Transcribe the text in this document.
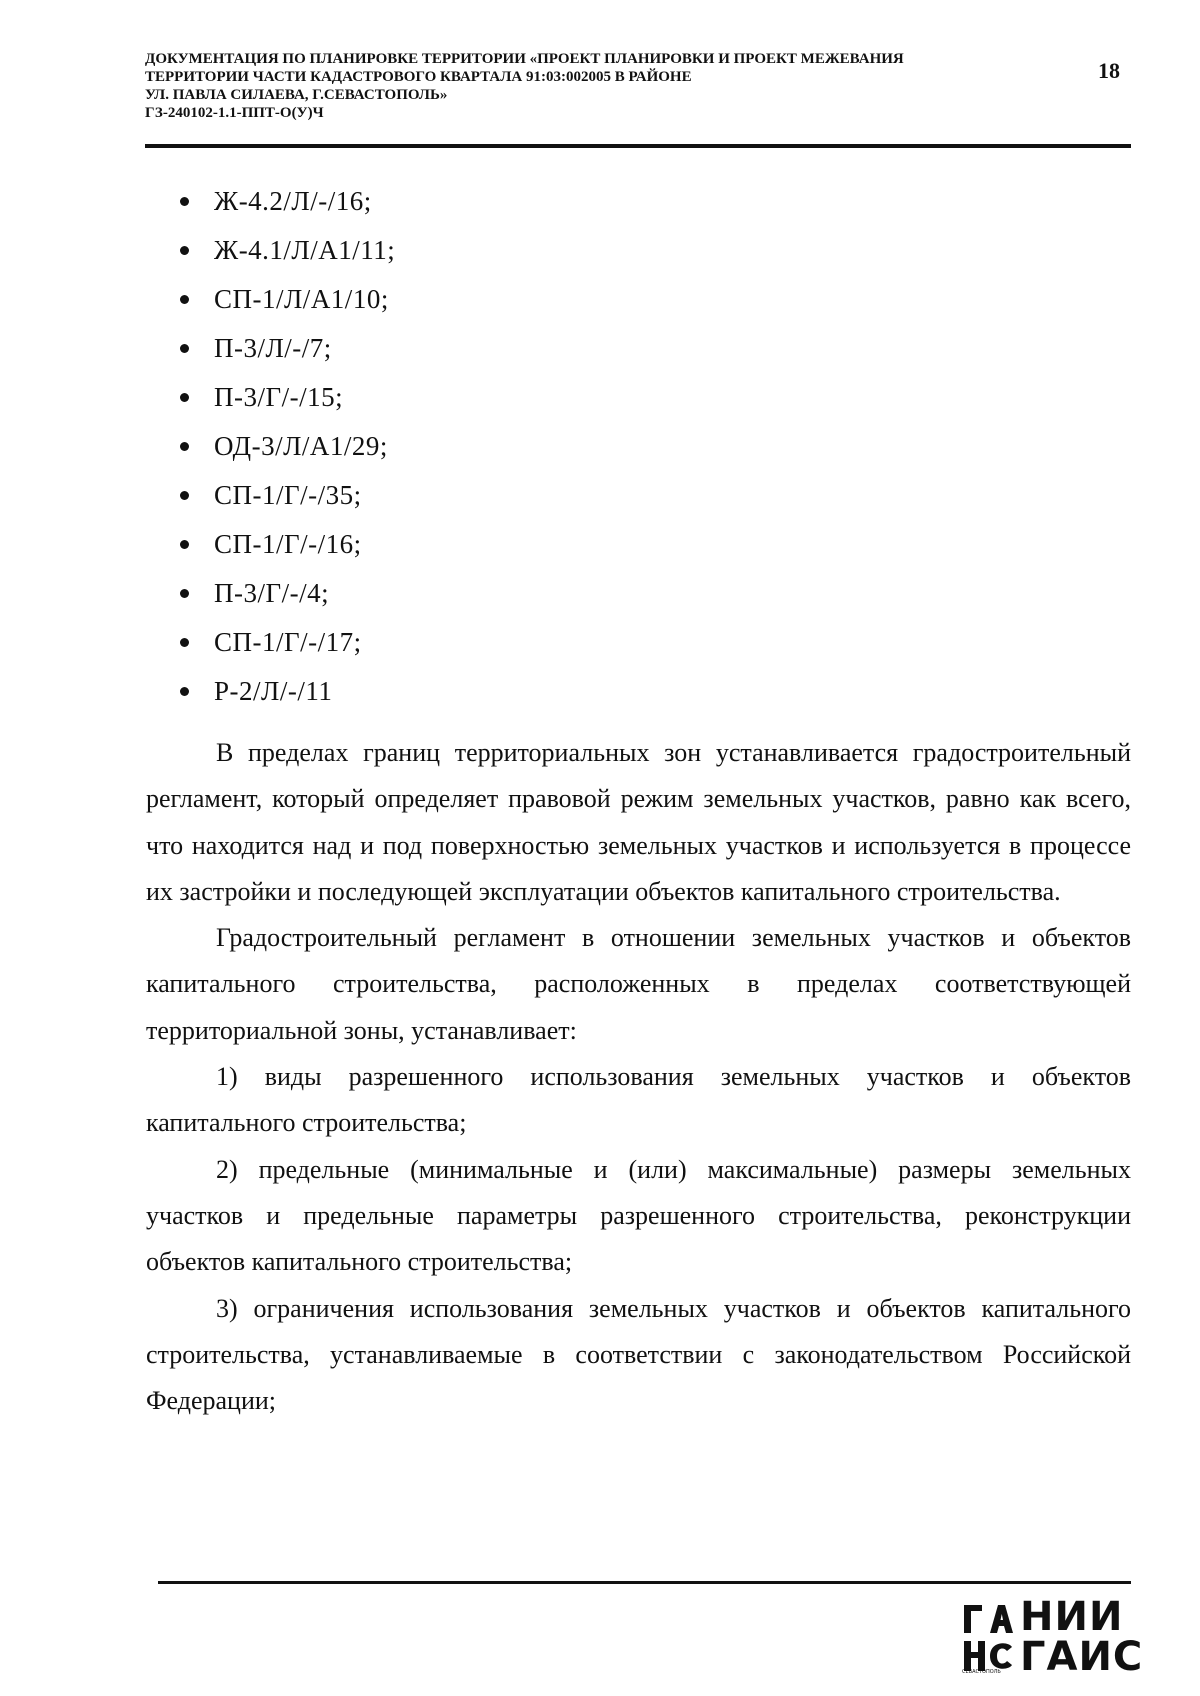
ДОКУМЕНТАЦИЯ ПО ПЛАНИРОВКЕ ТЕРРИТОРИИ «ПРОЕКТ ПЛАНИРОВКИ И ПРОЕКТ МЕЖЕВАНИЯ
ТЕРРИТОРИИ ЧАСТИ КАДАСТРОВОГО КВАРТАЛА 91:03:002005 В РАЙОНЕ
УЛ. ПАВЛА СИЛАЕВА, Г.СЕВАСТОПОЛЬ»
ГЗ-240102-1.1-ППТ-О(У)Ч
18
Ж-4.2/Л/-/16;
Ж-4.1/Л/А1/11;
СП-1/Л/А1/10;
П-3/Л/-/7;
П-3/Г/-/15;
ОД-3/Л/А1/29;
СП-1/Г/-/35;
СП-1/Г/-/16;
П-3/Г/-/4;
СП-1/Г/-/17;
Р-2/Л/-/11

В пределах границ территориальных зон устанавливается градостроительный регламент, который определяет правовой режим земельных участков, равно как всего, что находится над и под поверхностью земельных участков и используется в процессе их застройки и последующей эксплуатации объектов капитального строительства.

Градостроительный регламент в отношении земельных участков и объектов капитального строительства, расположенных в пределах соответствующей территориальной зоны, устанавливает:

1) виды разрешенного использования земельных участков и объектов капитального строительства;

2) предельные (минимальные и (или) максимальные) размеры земельных участков и предельные параметры разрешенного строительства, реконструкции объектов капитального строительства;

3) ограничения использования земельных участков и объектов капитального строительства, устанавливаемые в соответствии с законодательством Российской Федерации;

НИИ
ГАИС
СЕВАСТОПОЛЬ
